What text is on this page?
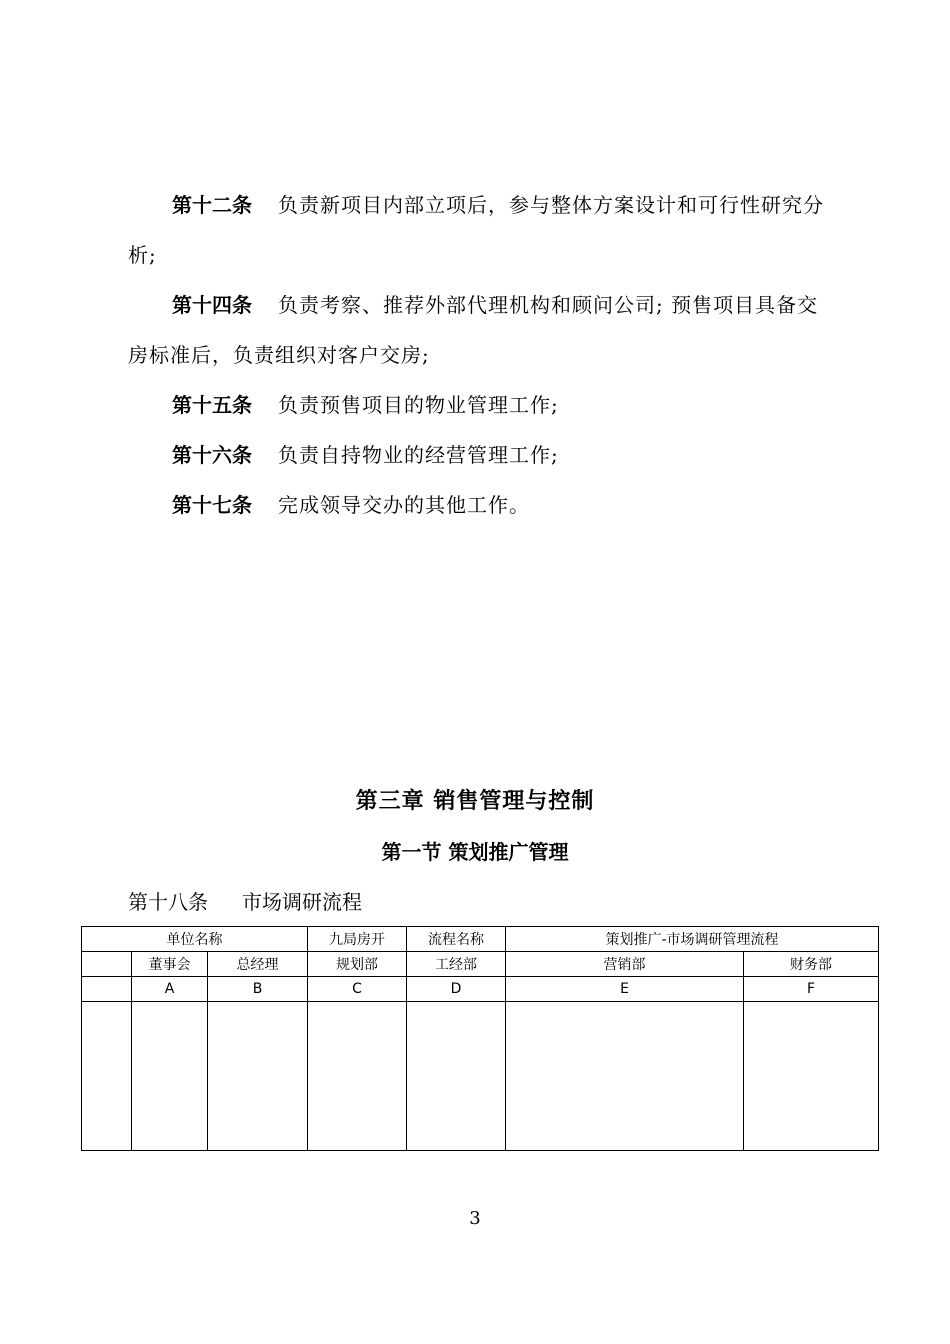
第十二条 负责新项目内部立项后，参与整体方案设计和可行性研究分析;
第十四条 负责考察、推荐外部代理机构和顾问公司; 预售项目具备交房标准后，负责组织对客户交房;
第十五条 负责预售项目的物业管理工作;
第十六条 负责自持物业的经营管理工作;
第十七条 完成领导交办的其他工作。
第三章 销售管理与控制
第一节 策划推广管理
第十八条 市场调研流程
单位名称			九局房开	流程名称	策划推广-市场调研管理流程	
	董事会	总经理	规划部	工经部	营销部	财务部
	A	B	C	D	E	F

3
